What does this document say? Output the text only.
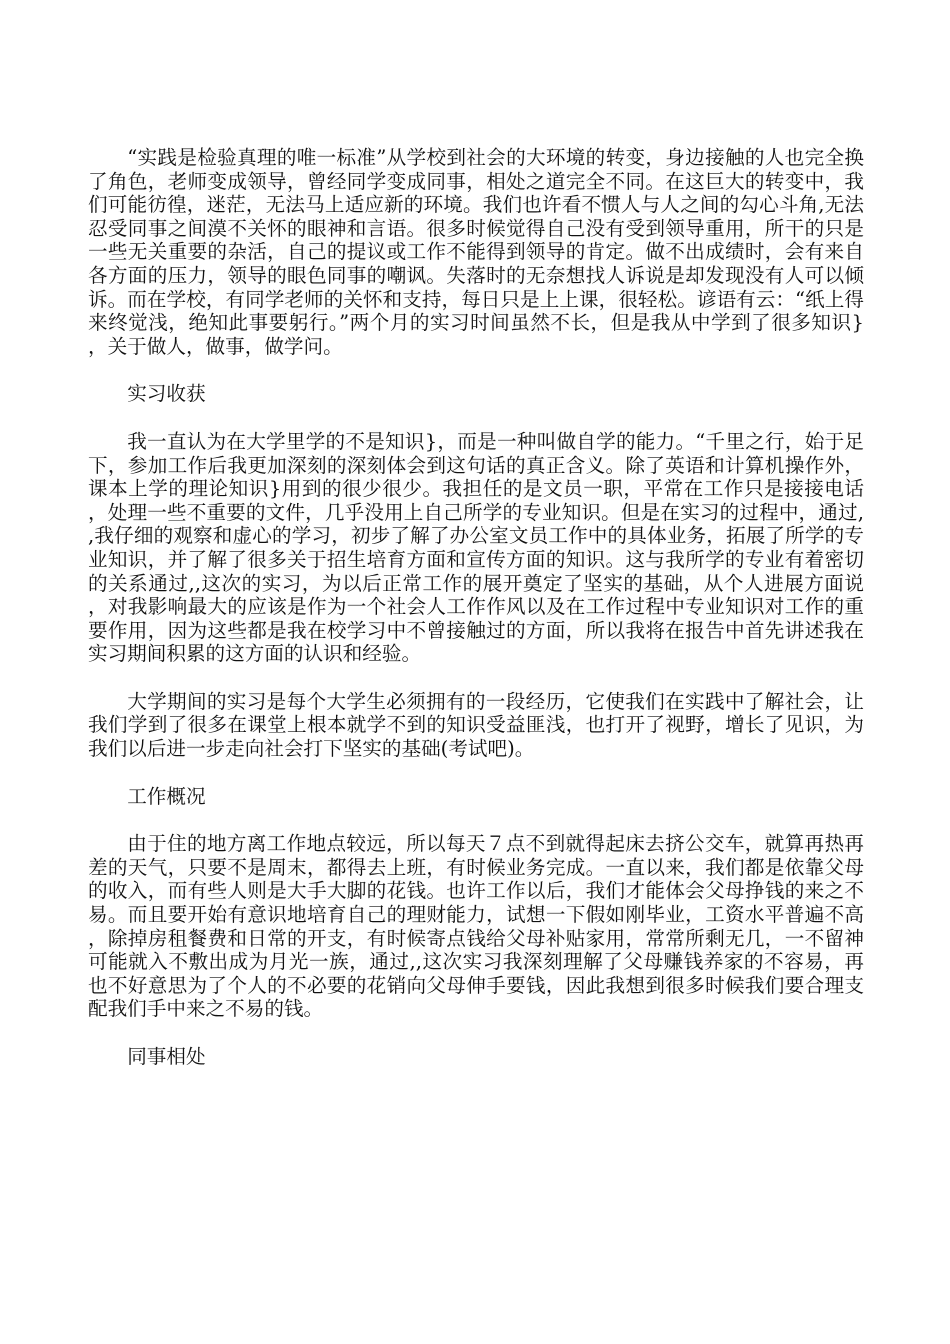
“实践是检验真理的唯一标准”从学校到社会的大环境的转变，身边接触的人也完全换了角色，老师变成领导，曾经同学变成同事，相处之道完全不同。在这巨大的转变中，我们可能彷徨，迷茫，无法马上适应新的环境。我们也许看不惯人与人之间的勾心斗角,无法忍受同事之间漠不关怀的眼神和言语。很多时候觉得自己没有受到领导重用，所干的只是一些无关重要的杂活，自己的提议或工作不能得到领导的肯定。做不出成绩时，会有来自各方面的压力，领导的眼色同事的嘲讽。失落时的无奈想找人诉说是却发现没有人可以倾诉。而在学校，有同学老师的关怀和支持，每日只是上上课，很轻松。谚语有云：“纸上得来终觉浅，绝知此事要躬行。”两个月的实习时间虽然不长，但是我从中学到了很多知识}，关于做人，做事，做学问。

实习收获

我一直认为在大学里学的不是知识}，而是一种叫做自学的能力。“千里之行，始于足下，参加工作后我更加深刻的深刻体会到这句话的真正含义。除了英语和计算机操作外，课本上学的理论知识}用到的很少很少。我担任的是文员一职，平常在工作只是接接电话，处理一些不重要的文件，几乎没用上自己所学的专业知识。但是在实习的过程中，通过,,我仔细的观察和虚心的学习，初步了解了办公室文员工作中的具体业务，拓展了所学的专业知识，并了解了很多关于招生培育方面和宣传方面的知识。这与我所学的专业有着密切的关系通过,,这次的实习，为以后正常工作的展开奠定了坚实的基础，从个人进展方面说，对我影响最大的应该是作为一个社会人工作作风以及在工作过程中专业知识对工作的重要作用，因为这些都是我在校学习中不曾接触过的方面，所以我将在报告中首先讲述我在实习期间积累的这方面的认识和经验。

大学期间的实习是每个大学生必须拥有的一段经历，它使我们在实践中了解社会，让我们学到了很多在课堂上根本就学不到的知识受益匪浅，也打开了视野，增长了见识，为我们以后进一步走向社会打下坚实的基础(考试吧)。

工作概况

由于住的地方离工作地点较远，所以每天７点不到就得起床去挤公交车，就算再热再差的天气，只要不是周末，都得去上班，有时候业务完成。一直以来，我们都是依靠父母的收入，而有些人则是大手大脚的花钱。也许工作以后，我们才能体会父母挣钱的来之不易。而且要开始有意识地培育自己的理财能力，试想一下假如刚毕业，工资水平普遍不高，除掉房租餐费和日常的开支，有时候寄点钱给父母补贴家用，常常所剩无几，一不留神可能就入不敷出成为月光一族，通过,,这次实习我深刻理解了父母赚钱养家的不容易，再也不好意思为了个人的不必要的花销向父母伸手要钱，因此我想到很多时候我们要合理支配我们手中来之不易的钱。

同事相处
